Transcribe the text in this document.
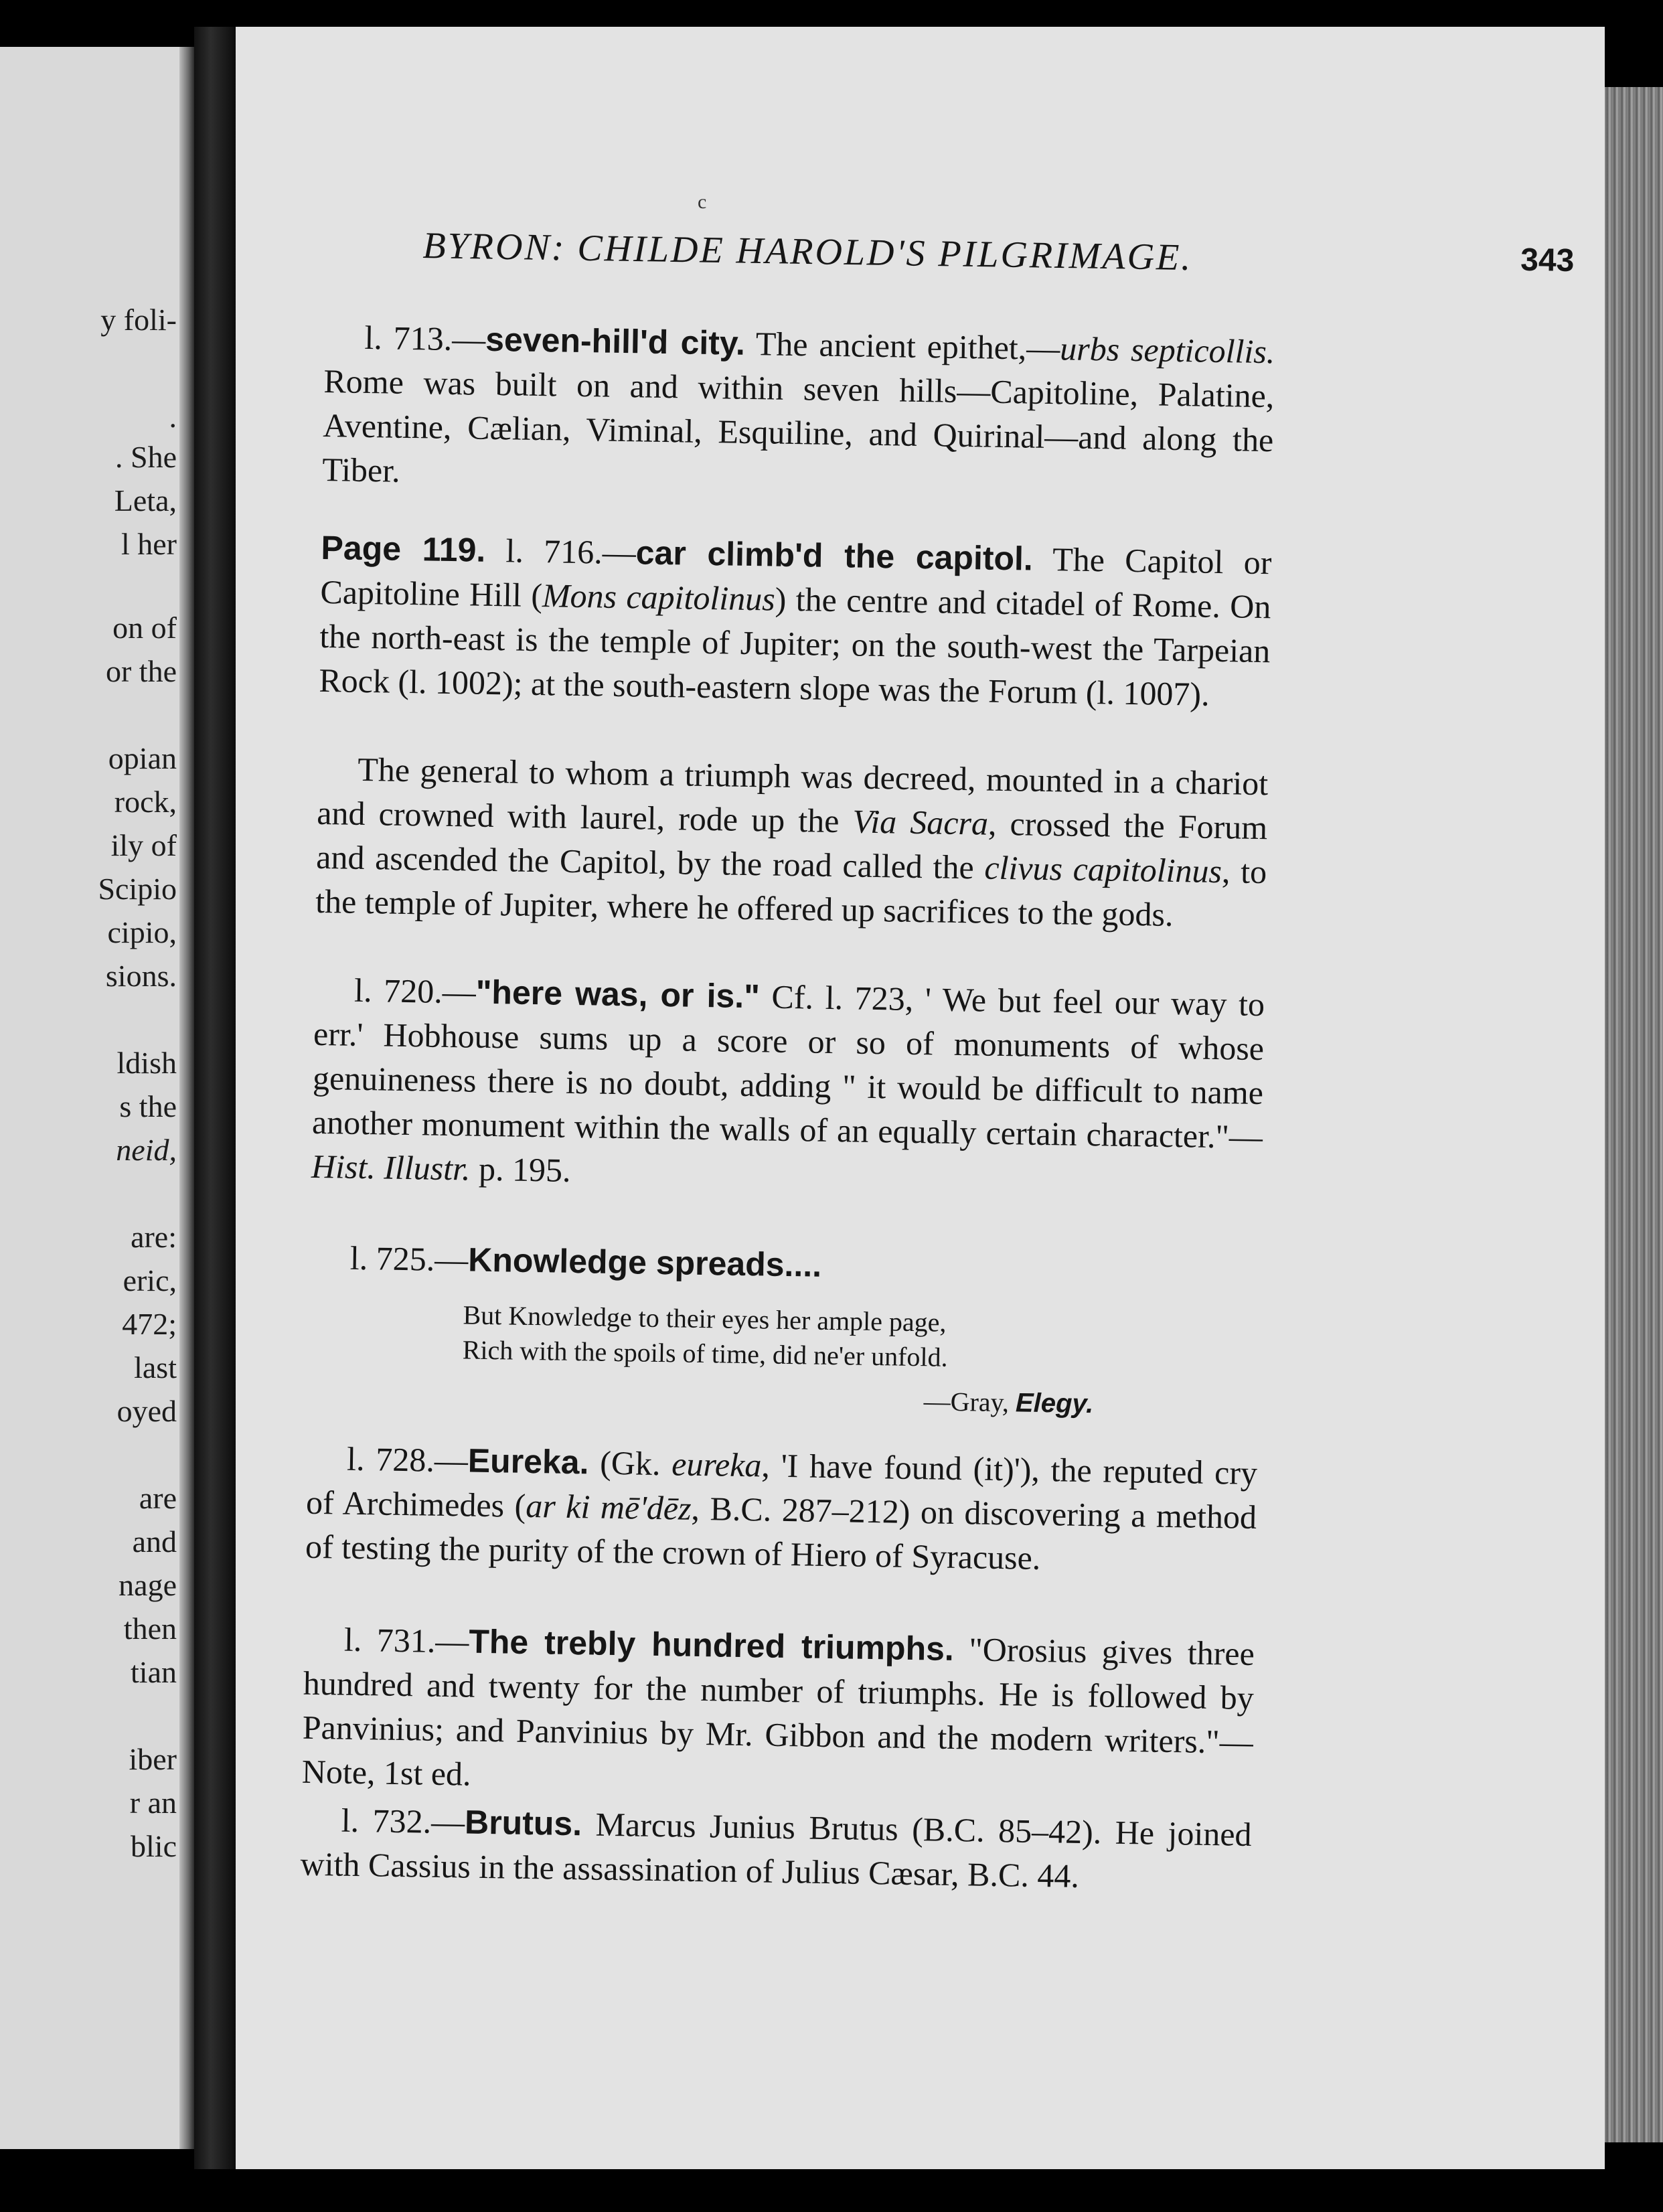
y foli-
.
. She
Leta,
l her
on of
or the
opian
rock,
ily of
Scipio
cipio,
sions.
ldish
s the
neid,
are:
eric,
472;
last
oyed
are
and
nage
then
tian
iber
r an
blic
c
BYRON: CHILDE HAROLD'S PILGRIMAGE.	343

l. 713.—seven-hill'd city. The ancient epithet,—urbs septicollis. Rome was built on and within seven hills—Capitoline, Palatine, Aventine, Cælian, Viminal, Esquiline, and Quirinal—and along the Tiber.

Page 119. l. 716.—car climb'd the capitol. The Capitol or Capitoline Hill (Mons capitolinus) the centre and citadel of Rome. On the north-east is the temple of Jupiter; on the south-west the Tarpeian Rock (l. 1002); at the south-eastern slope was the Forum (l. 1007).

The general to whom a triumph was decreed, mounted in a chariot and crowned with laurel, rode up the Via Sacra, crossed the Forum and ascended the Capitol, by the road called the clivus capitolinus, to the temple of Jupiter, where he offered up sacrifices to the gods.

l. 720.—"here was, or is." Cf. l. 723, ' We but feel our way to err.' Hobhouse sums up a score or so of monuments of whose genuineness there is no doubt, adding " it would be difficult to name another monument within the walls of an equally certain character."—Hist. Illustr. p. 195.

l. 725.—Knowledge spreads....

But Knowledge to their eyes her ample page,
Rich with the spoils of time, did ne'er unfold.
—Gray, Elegy.

l. 728.—Eureka. (Gk. eureka, 'I have found (it)'), the reputed cry of Archimedes (ar ki mē'dēz, B.C. 287–212) on discovering a method of testing the purity of the crown of Hiero of Syracuse.

l. 731.—The trebly hundred triumphs. "Orosius gives three hundred and twenty for the number of triumphs. He is followed by Panvinius; and Panvinius by Mr. Gibbon and the modern writers."—Note, 1st ed.

l. 732.—Brutus. Marcus Junius Brutus (B.C. 85–42). He joined with Cassius in the assassination of Julius Cæsar, B.C. 44.
